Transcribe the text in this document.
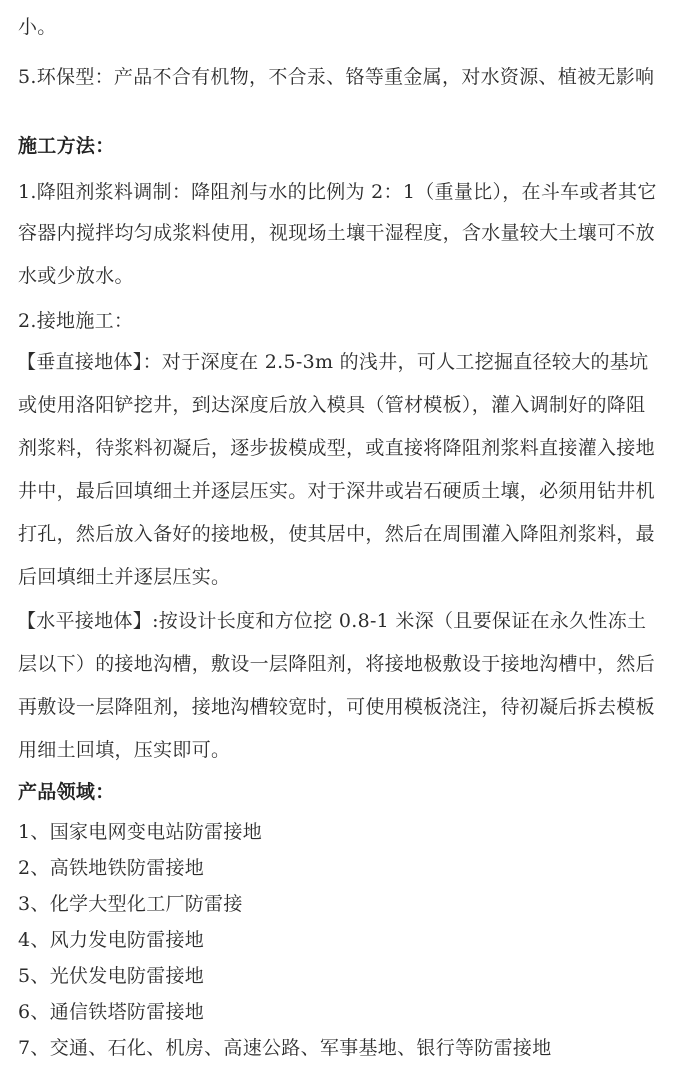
小。
5.环保型：产品不合有机物，不合汞、铬等重金属，对水资源、植被无影响
施工方法：
1.降阻剂浆料调制：降阻剂与水的比例为 2：1（重量比），在斗车或者其它
容器内搅拌均匀成浆料使用，视现场土壤干湿程度，含水量较大土壤可不放
水或少放水。
2.接地施工：
【垂直接地体】：对于深度在 2.5-3m 的浅井，可人工挖掘直径较大的基坑
或使用洛阳铲挖井，到达深度后放入模具（管材模板），灌入调制好的降阻
剂浆料，待浆料初凝后，逐步拔模成型，或直接将降阻剂浆料直接灌入接地
井中，最后回填细土并逐层压实。对于深井或岩石硬质土壤，必须用钻井机
打孔，然后放入备好的接地极，使其居中，然后在周围灌入降阻剂浆料，最
后回填细土并逐层压实。
【水平接地体】:按设计长度和方位挖 0.8-1 米深（且要保证在永久性冻土
层以下）的接地沟槽，敷设一层降阻剂，将接地极敷设于接地沟槽中，然后
再敷设一层降阻剂，接地沟槽较宽时，可使用模板浇注，待初凝后拆去模板
用细土回填，压实即可。
产品领域：
1、国家电网变电站防雷接地
2、高铁地铁防雷接地
3、化学大型化工厂防雷接
4、风力发电防雷接地
5、光伏发电防雷接地
6、通信铁塔防雷接地
7、交通、石化、机房、高速公路、军事基地、银行等防雷接地
